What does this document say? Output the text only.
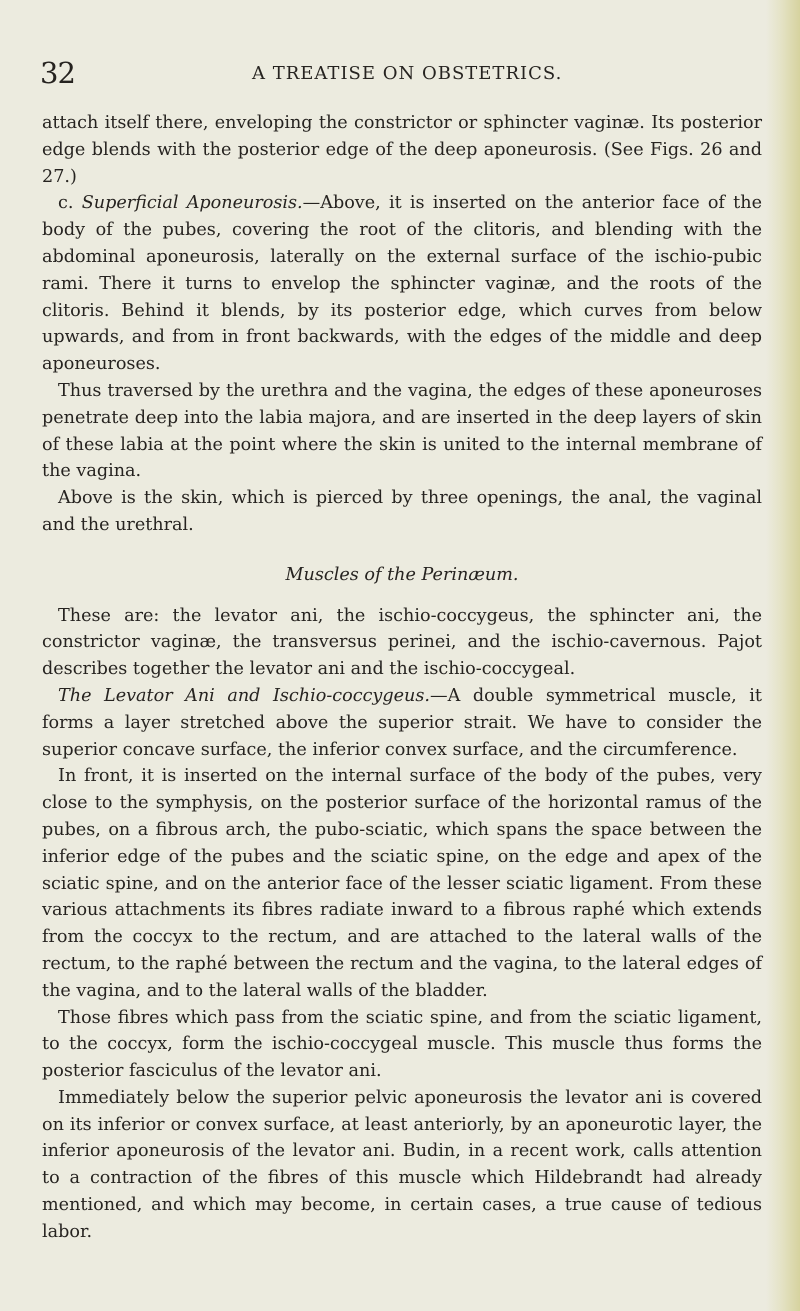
32	A TREATISE ON OBSTETRICS.

attach itself there, enveloping the constrictor or sphincter vaginæ. Its posterior edge blends with the posterior edge of the deep aponeurosis. (See Figs. 26 and 27.)

c. Superficial Aponeurosis.—Above, it is inserted on the anterior face of the body of the pubes, covering the root of the clitoris, and blending with the abdominal aponeurosis, laterally on the external surface of the ischio-pubic rami. There it turns to envelop the sphincter vaginæ, and the roots of the clitoris. Behind it blends, by its posterior edge, which curves from below upwards, and from in front backwards, with the edges of the middle and deep aponeuroses.

Thus traversed by the urethra and the vagina, the edges of these aponeuroses penetrate deep into the labia majora, and are inserted in the deep layers of skin of these labia at the point where the skin is united to the internal membrane of the vagina.

Above is the skin, which is pierced by three openings, the anal, the vaginal and the urethral.

Muscles of the Perinæum.

These are: the levator ani, the ischio-coccygeus, the sphincter ani, the constrictor vaginæ, the transversus perinei, and the ischio-cavernous. Pajot describes together the levator ani and the ischio-coccygeal.

The Levator Ani and Ischio-coccygeus.—A double symmetrical muscle, it forms a layer stretched above the superior strait. We have to consider the superior concave surface, the inferior convex surface, and the circumference.

In front, it is inserted on the internal surface of the body of the pubes, very close to the symphysis, on the posterior surface of the horizontal ramus of the pubes, on a fibrous arch, the pubo-sciatic, which spans the space between the inferior edge of the pubes and the sciatic spine, on the edge and apex of the sciatic spine, and on the anterior face of the lesser sciatic ligament. From these various attachments its fibres radiate inward to a fibrous raphé which extends from the coccyx to the rectum, and are attached to the lateral walls of the rectum, to the raphé between the rectum and the vagina, to the lateral edges of the vagina, and to the lateral walls of the bladder.

Those fibres which pass from the sciatic spine, and from the sciatic ligament, to the coccyx, form the ischio-coccygeal muscle. This muscle thus forms the posterior fasciculus of the levator ani.

Immediately below the superior pelvic aponeurosis the levator ani is covered on its inferior or convex surface, at least anteriorly, by an aponeurotic layer, the inferior aponeurosis of the levator ani. Budin, in a recent work, calls attention to a contraction of the fibres of this muscle which Hildebrandt had already mentioned, and which may become, in certain cases, a true cause of tedious labor.
